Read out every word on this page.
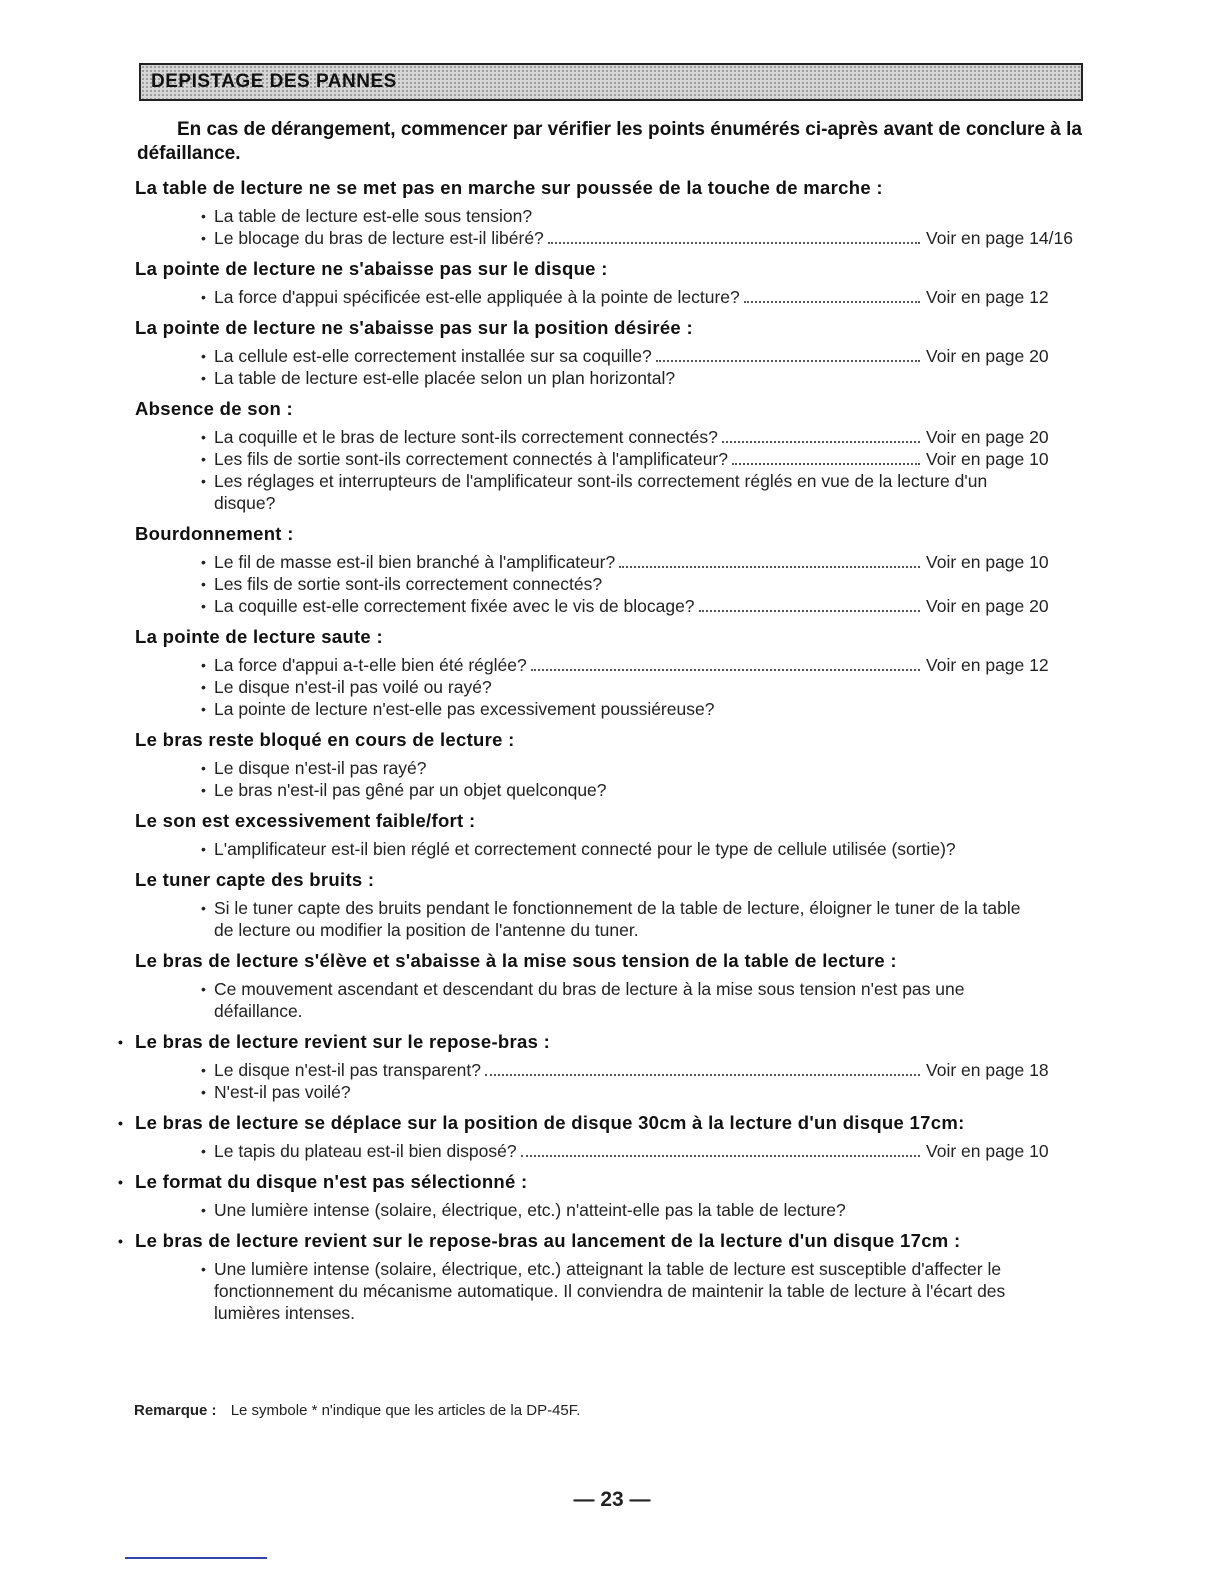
DEPISTAGE DES PANNES
En cas de dérangement, commencer par vérifier les points énumérés ci-après avant de conclure à la défaillance.
La table de lecture ne se met pas en marche sur poussée de la touche de marche :
• La table de lecture est-elle sous tension?
• Le blocage du bras de lecture est-il libéré?	Voir en page 14/16
La pointe de lecture ne s'abaisse pas sur le disque :
• La force d'appui spécificée est-elle appliquée à la pointe de lecture?	Voir en page 12
La pointe de lecture ne s'abaisse pas sur la position désirée :
• La cellule est-elle correctement installée sur sa coquille?	Voir en page 20
• La table de lecture est-elle placée selon un plan horizontal?
Absence de son :
• La coquille et le bras de lecture sont-ils correctement connectés?	Voir en page 20
• Les fils de sortie sont-ils correctement connectés à l'amplificateur?	Voir en page 10
• Les réglages et interrupteurs de l'amplificateur sont-ils correctement réglés en vue de la lecture d'un disque?
Bourdonnement :
• Le fil de masse est-il bien branché à l'amplificateur?	Voir en page 10
• Les fils de sortie sont-ils correctement connectés?
• La coquille est-elle correctement fixée avec le vis de blocage?	Voir en page 20
La pointe de lecture saute :
• La force d'appui a-t-elle bien été réglée?	Voir en page 12
• Le disque n'est-il pas voilé ou rayé?
• La pointe de lecture n'est-elle pas excessivement poussiéreuse?
Le bras reste bloqué en cours de lecture :
• Le disque n'est-il pas rayé?
• Le bras n'est-il pas gêné par un objet quelconque?
Le son est excessivement faible/fort :
• L'amplificateur est-il bien réglé et correctement connecté pour le type de cellule utilisée (sortie)?
Le tuner capte des bruits :
• Si le tuner capte des bruits pendant le fonctionnement de la table de lecture, éloigner le tuner de la table de lecture ou modifier la position de l'antenne du tuner.
Le bras de lecture s'élève et s'abaisse à la mise sous tension de la table de lecture :
• Ce mouvement ascendant et descendant du bras de lecture à la mise sous tension n'est pas une défaillance.
• Le bras de lecture revient sur le repose-bras :
• Le disque n'est-il pas transparent?	Voir en page 18
• N'est-il pas voilé?
• Le bras de lecture se déplace sur la position de disque 30cm à la lecture d'un disque 17cm:
• Le tapis du plateau est-il bien disposé?	Voir en page 10
• Le format du disque n'est pas sélectionné :
• Une lumière intense (solaire, électrique, etc.) n'atteint-elle pas la table de lecture?
• Le bras de lecture revient sur le repose-bras au lancement de la lecture d'un disque 17cm :
• Une lumière intense (solaire, électrique, etc.) atteignant la table de lecture est susceptible d'affecter le fonctionnement du mécanisme automatique. Il conviendra de maintenir la table de lecture à l'écart des lumières intenses.
Remarque : Le symbole * n'indique que les articles de la DP-45F.
— 23 —
